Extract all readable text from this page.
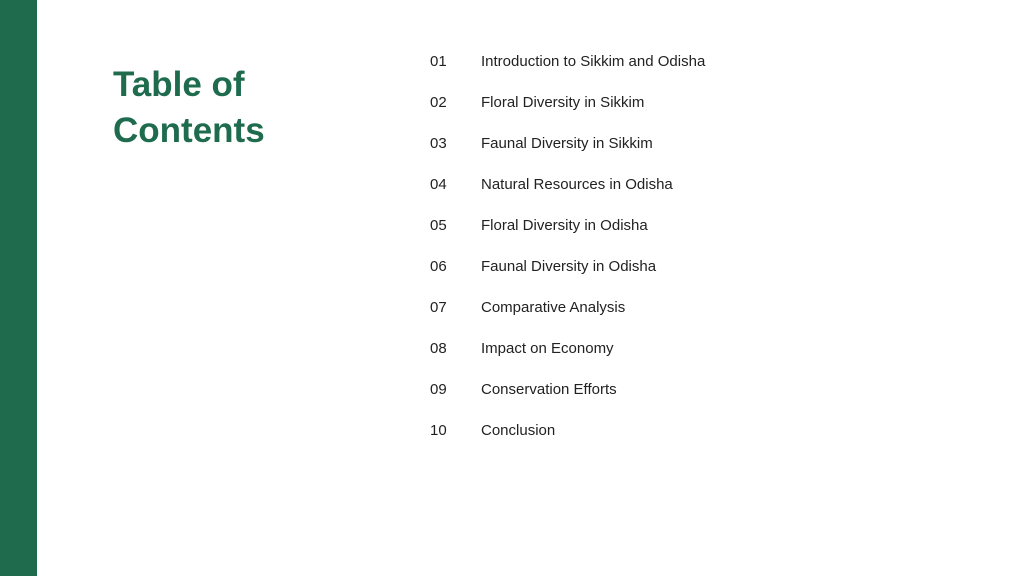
Table of Contents
01	Introduction to Sikkim and Odisha
02	Floral Diversity in Sikkim
03	Faunal Diversity in Sikkim
04	Natural Resources in Odisha
05	Floral Diversity in Odisha
06	Faunal Diversity in Odisha
07	Comparative Analysis
08	Impact on Economy
09	Conservation Efforts
10	Conclusion
